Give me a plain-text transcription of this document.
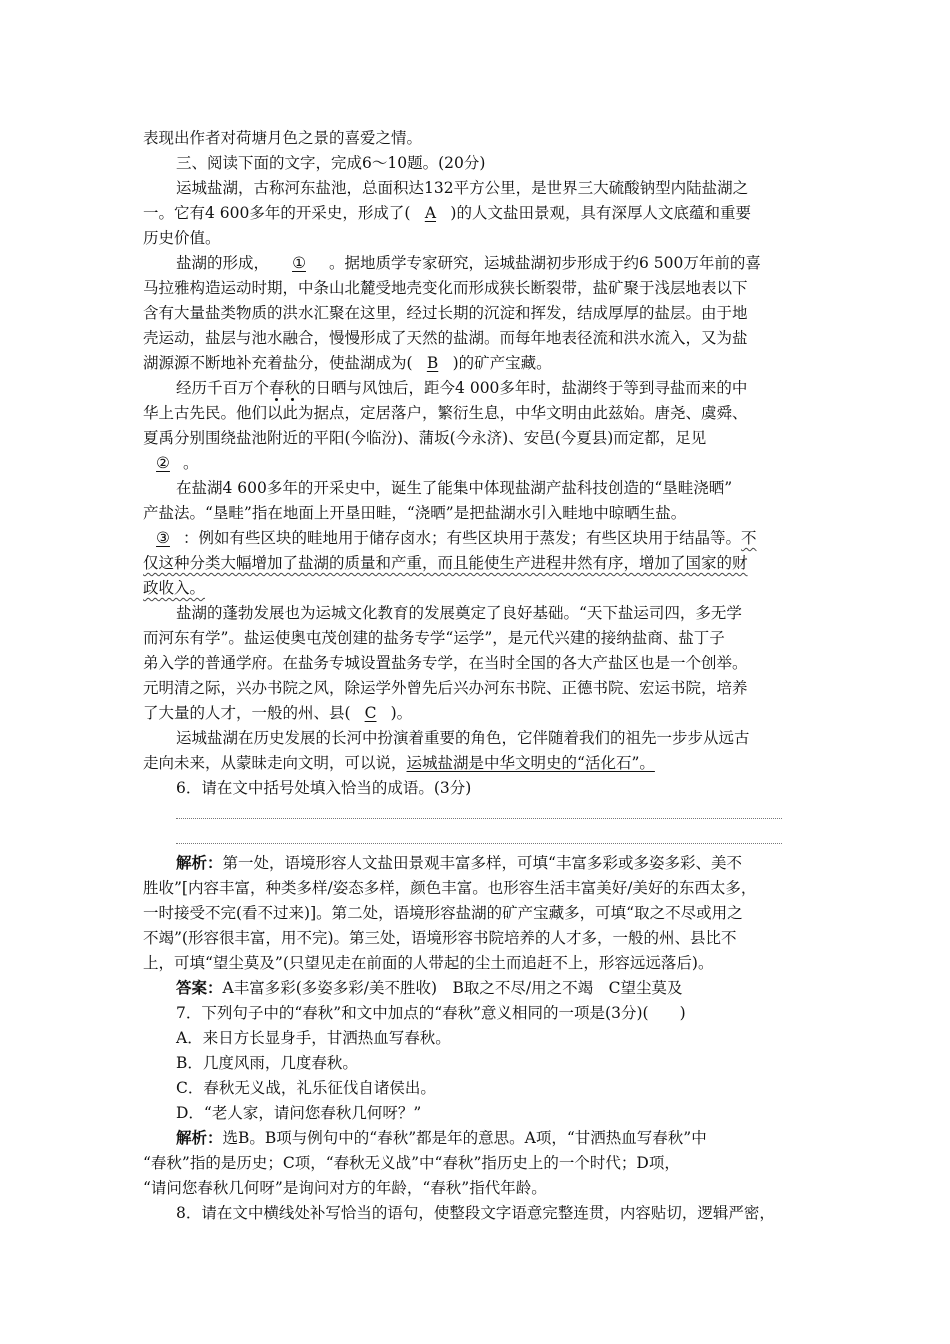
表现出作者对荷塘月色之景的喜爱之情。
三、阅读下面的文字，完成6～10题。(20分)
运城盐湖，古称河东盐池，总面积达132平方公里，是世界三大硫酸钠型内陆盐湖之
一。它有4 600多年的开采史，形成了( A )的人文盐田景观，具有深厚人文底蕴和重要
历史价值。
盐湖的形成， ① 。据地质学专家研究，运城盐湖初步形成于约6 500万年前的喜
马拉雅构造运动时期，中条山北麓受地壳变化而形成狭长断裂带，盐矿聚于浅层地表以下
含有大量盐类物质的洪水汇聚在这里，经过长期的沉淀和挥发，结成厚厚的盐层。由于地
壳运动，盐层与池水融合，慢慢形成了天然的盐湖。而每年地表径流和洪水流入，又为盐
湖源源不断地补充着盐分，使盐湖成为( B )的矿产宝藏。
经历千百万个春秋的日晒与风蚀后，距今4 000多年时，盐湖终于等到寻盐而来的中
华上古先民。他们以此为据点，定居落户，繁衍生息，中华文明由此兹始。唐尧、虞舜、
夏禹分别围绕盐池附近的平阳(今临汾)、蒲坂(今永济)、安邑(今夏县)而定都，足见
② 。
在盐湖4 600多年的开采史中，诞生了能集中体现盐湖产盐科技创造的“垦畦浇晒”
产盐法。“垦畦”指在地面上开垦田畦，“浇晒”是把盐湖水引入畦地中晾晒生盐。
③ ：例如有些区块的畦地用于储存卤水；有些区块用于蒸发；有些区块用于结晶等。不
仅这种分类大幅增加了盐湖的质量和产重，而且能使生产进程井然有序，增加了国家的财
政收入。
盐湖的蓬勃发展也为运城文化教育的发展奠定了良好基础。“天下盐运司四，多无学
而河东有学”。盐运使奥屯茂创建的盐务专学“运学”，是元代兴建的接纳盐商、盐丁子
弟入学的普通学府。在盐务专城设置盐务专学，在当时全国的各大产盐区也是一个创举。
元明清之际，兴办书院之风，除运学外曾先后兴办河东书院、正德书院、宏运书院，培养
了大量的人才，一般的州、县( C )。
运城盐湖在历史发展的长河中扮演着重要的角色，它伴随着我们的祖先一步步从远古
走向未来，从蒙昧走向文明，可以说，运城盐湖是中华文明史的“活化石”。
6．请在文中括号处填入恰当的成语。(3分)
解析：第一处，语境形容人文盐田景观丰富多样，可填“丰富多彩或多姿多彩、美不
胜收”[内容丰富，种类多样/姿态多样，颜色丰富。也形容生活丰富美好/美好的东西太多，
一时接受不完(看不过来)]。第二处，语境形容盐湖的矿产宝藏多，可填“取之不尽或用之
不竭”(形容很丰富，用不完)。第三处，语境形容书院培养的人才多，一般的州、县比不
上，可填“望尘莫及”(只望见走在前面的人带起的尘土而追赶不上，形容远远落后)。
答案：A丰富多彩(多姿多彩/美不胜收)　B取之不尽/用之不竭　C望尘莫及
7．下列句子中的“春秋”和文中加点的“春秋”意义相同的一项是(3分)(　　)
A．来日方长显身手，甘洒热血写春秋。
B．几度风雨，几度春秋。
C．春秋无义战，礼乐征伐自诸侯出。
D．“老人家，请问您春秋几何呀？”
解析：选B。B项与例句中的“春秋”都是年的意思。A项，“甘洒热血写春秋”中
“春秋”指的是历史；C项，“春秋无义战”中“春秋”指历史上的一个时代；D项，
“请问您春秋几何呀”是询问对方的年龄，“春秋”指代年龄。
8．请在文中横线处补写恰当的语句，使整段文字语意完整连贯，内容贴切，逻辑严密，
